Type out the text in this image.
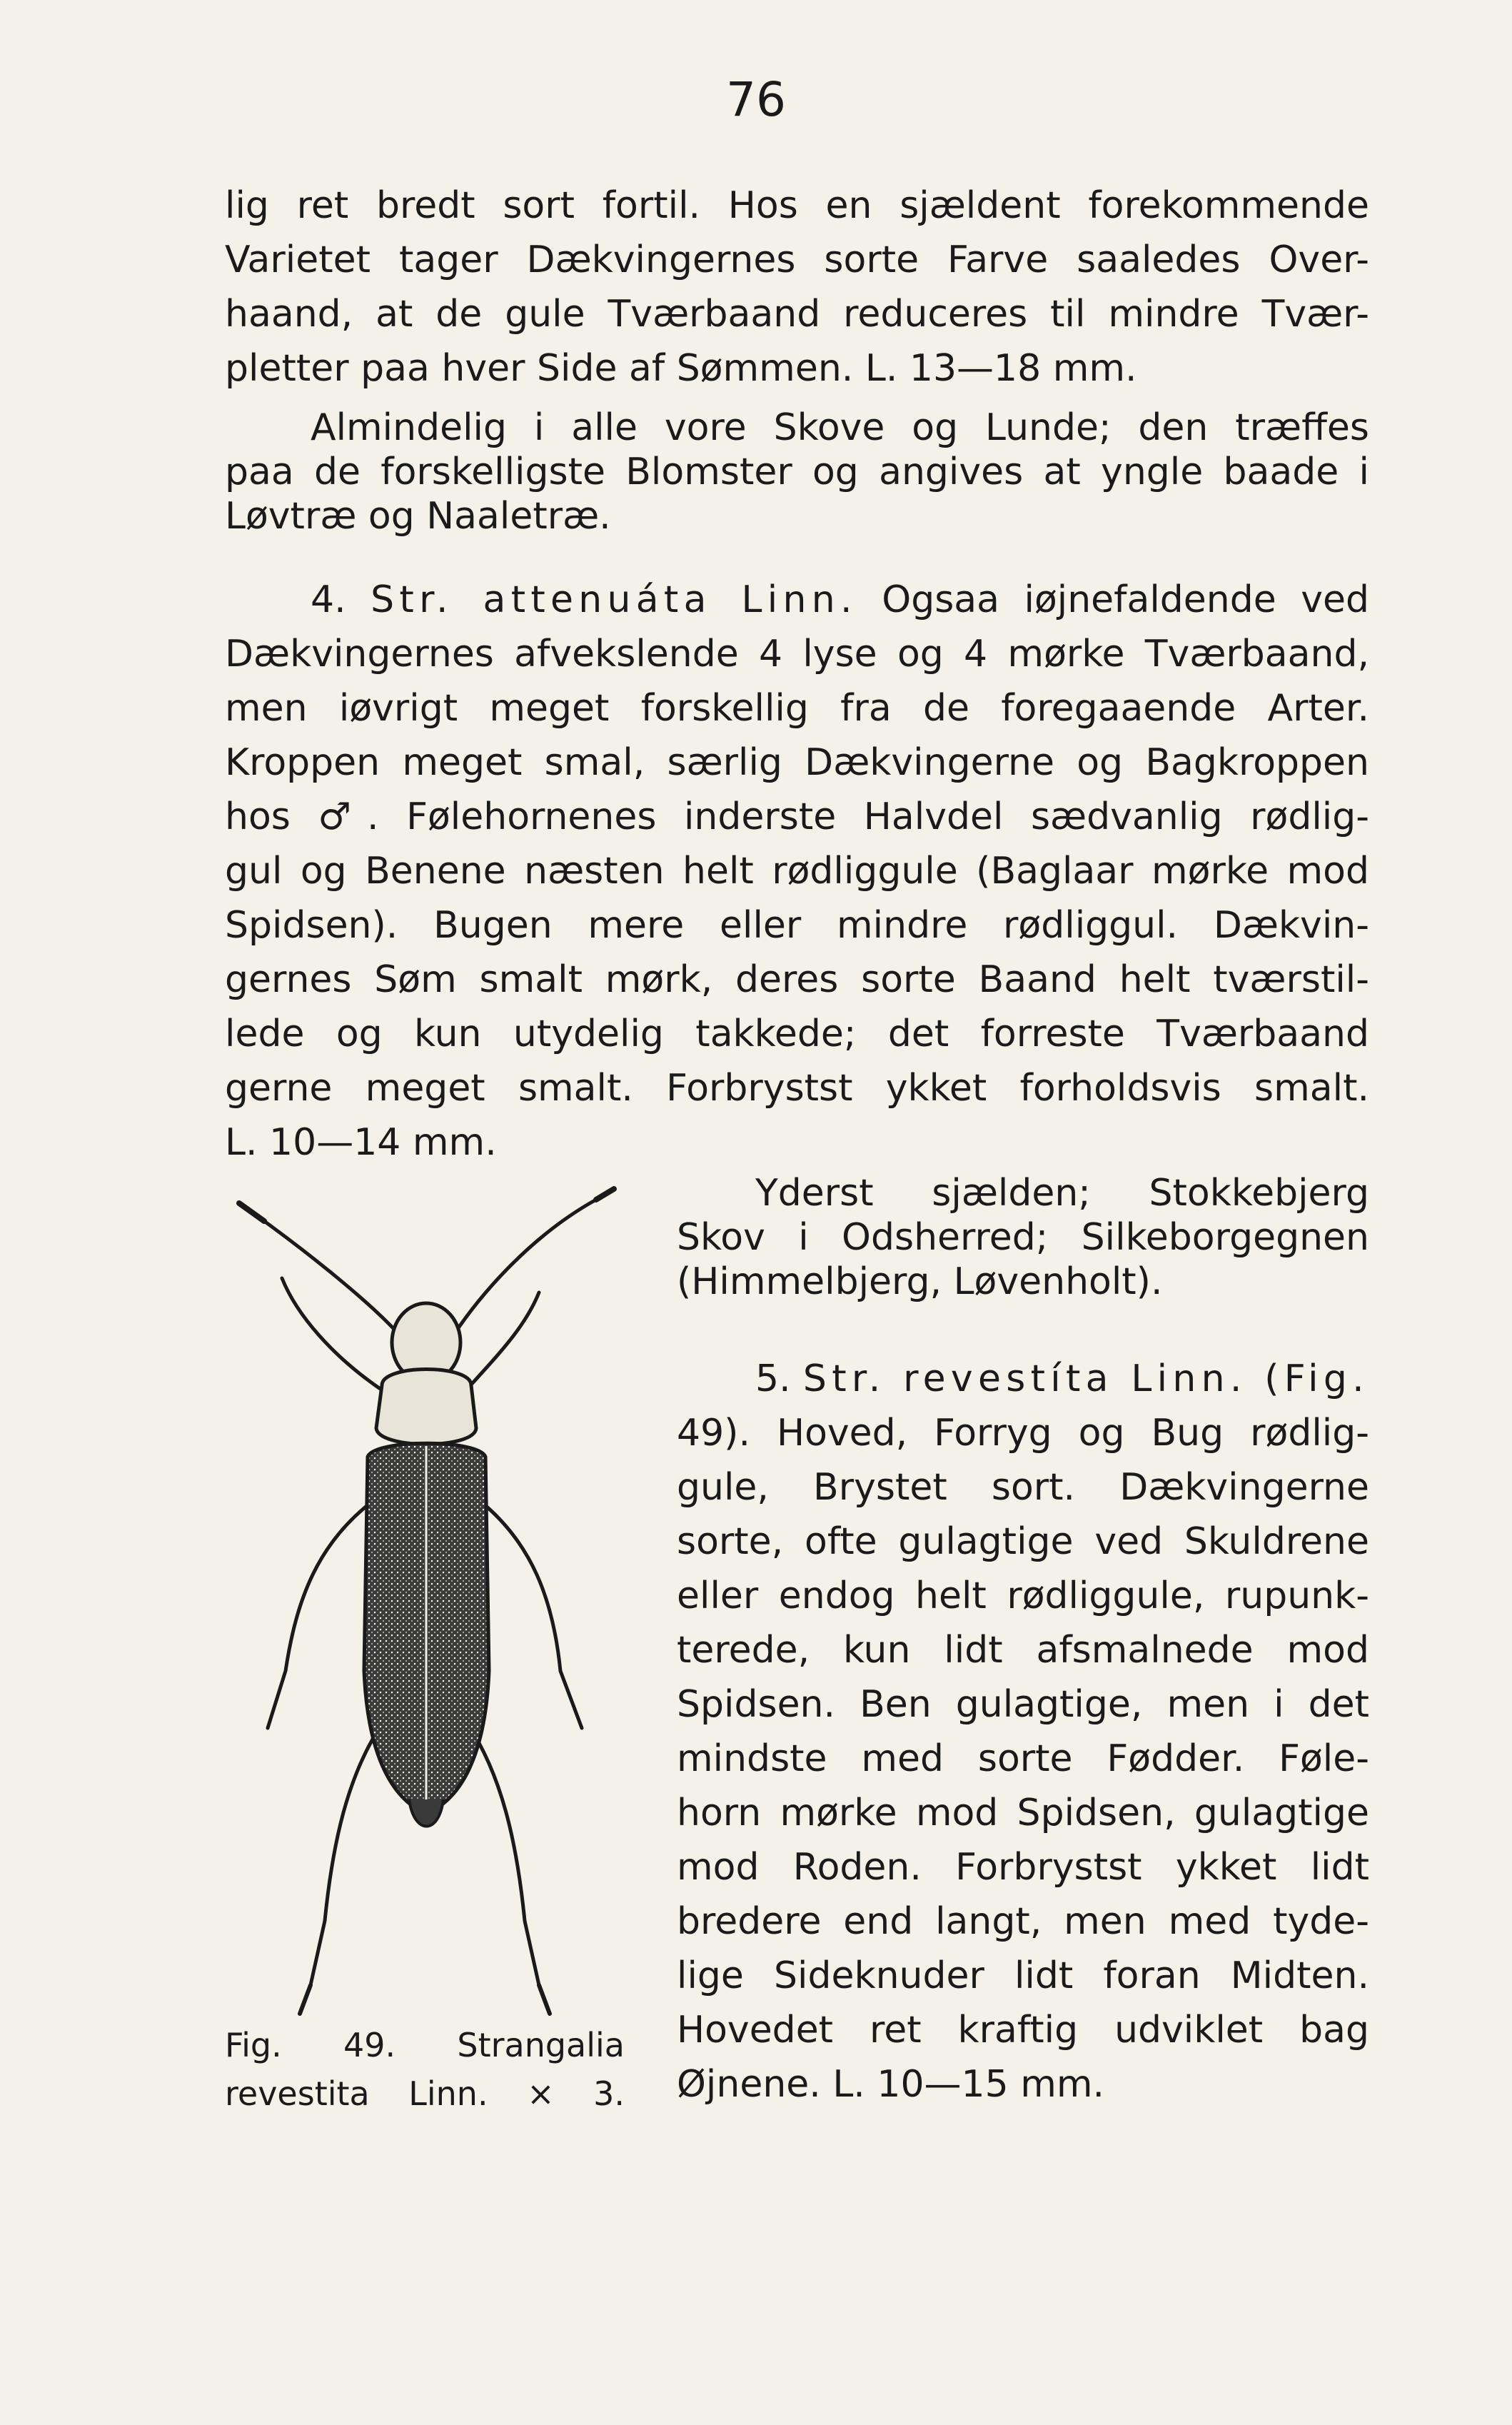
76

lig ret bredt sort fortil. Hos en sjældent forekommende

Varietet tager Dækvingernes sorte Farve saaledes Over-

haand, at de gule Tværbaand reduceres til mindre Tvær-

pletter paa hver Side af Sømmen. L. 13—18 mm.

Almindelig i alle vore Skove og Lunde; den træffes

paa de forskelligste Blomster og angives at yngle baade i

Løvtræ og Naaletræ.

4. Str. attenuáta Linn. Ogsaa iøjnefaldende ved

Dækvingernes afvekslende 4 lyse og 4 mørke Tværbaand,

men iøvrigt meget forskellig fra de foregaaende Arter.

Kroppen meget smal, særlig Dækvingerne og Bagkroppen

hos ♂. Følehornenes inderste Halvdel sædvanlig rødlig-

gul og Benene næsten helt rødliggule (Baglaar mørke mod

Spidsen). Bugen mere eller mindre rødliggul. Dækvin-

gernes Søm smalt mørk, deres sorte Baand helt tværstil-

lede og kun utydelig takkede; det forreste Tværbaand

gerne meget smalt. Forbrystst ykket forholdsvis smalt.

L. 10—14 mm.

Yderst sjælden; Stokkebjerg

Skov i Odsherred; Silkeborgegnen

(Himmelbjerg, Løvenholt).

5. Str. revestíta Linn. (Fig.

49). Hoved, Forryg og Bug rødlig-

gule, Brystet sort. Dækvingerne

sorte, ofte gulagtige ved Skuldrene

eller endog helt rødliggule, rupunk-

terede, kun lidt afsmalnede mod

Spidsen. Ben gulagtige, men i det

mindste med sorte Fødder. Føle-

horn mørke mod Spidsen, gulagtige

mod Roden. Forbrystst ykket lidt

bredere end langt, men med tyde-

lige Sideknuder lidt foran Midten.

Hovedet ret kraftig udviklet bag

Øjnene. L. 10—15 mm.

Fig. 49. Strangalia
revestita Linn. × 3.
